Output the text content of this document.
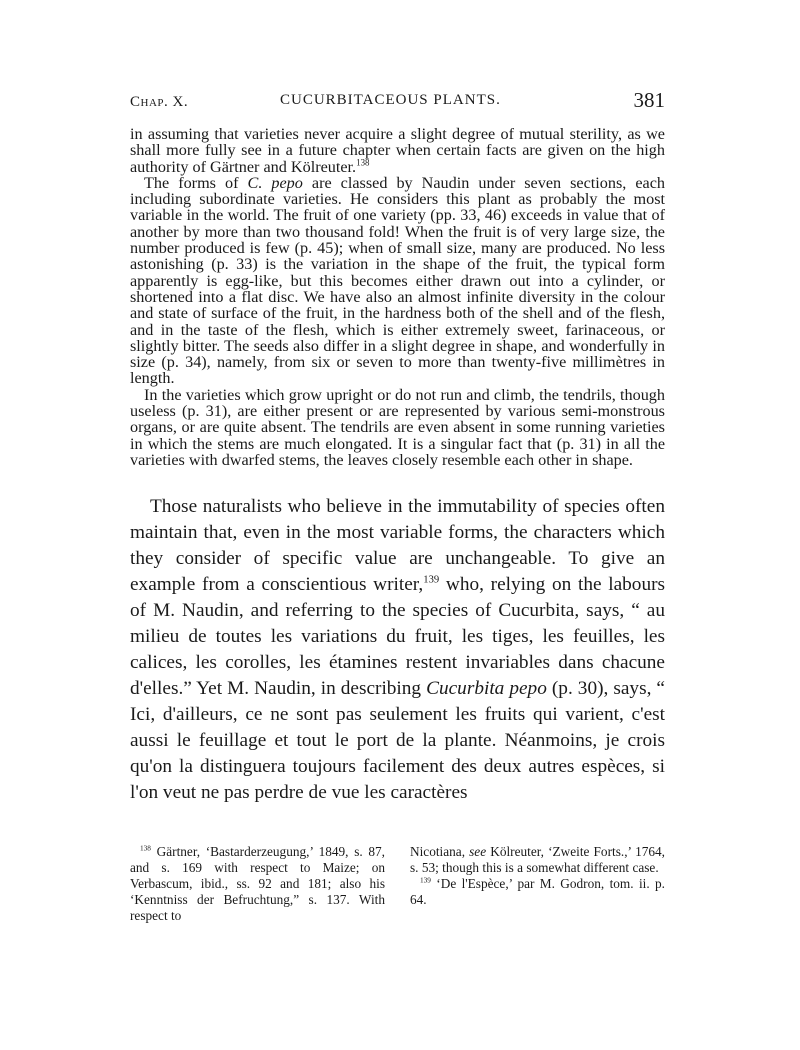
Chap. X.	CUCURBITACEOUS PLANTS.	381

in assuming that varieties never acquire a slight degree of mutual sterility, as we shall more fully see in a future chapter when certain facts are given on the high authority of Gärtner and Kölreuter.$^{138}$

The forms of C. pepo are classed by Naudin under seven sections, each including subordinate varieties. He considers this plant as probably the most variable in the world. The fruit of one variety (pp. 33, 46) exceeds in value that of another by more than two thousand fold! When the fruit is of very large size, the number produced is few (p. 45); when of small size, many are produced. No less astonishing (p. 33) is the variation in the shape of the fruit, the typical form apparently is egg-like, but this becomes either drawn out into a cylinder, or shortened into a flat disc. We have also an almost infinite diversity in the colour and state of surface of the fruit, in the hardness both of the shell and of the flesh, and in the taste of the flesh, which is either extremely sweet, farinaceous, or slightly bitter. The seeds also differ in a slight degree in shape, and wonderfully in size (p. 34), namely, from six or seven to more than twenty-five millimètres in length.

In the varieties which grow upright or do not run and climb, the tendrils, though useless (p. 31), are either present or are represented by various semi-monstrous organs, or are quite absent. The tendrils are even absent in some running varieties in which the stems are much elongated. It is a singular fact that (p. 31) in all the varieties with dwarfed stems, the leaves closely resemble each other in shape.

Those naturalists who believe in the immutability of species often maintain that, even in the most variable forms, the characters which they consider of specific value are unchangeable. To give an example from a conscientious writer,$^{139}$ who, relying on the labours of M. Naudin, and referring to the species of Cucurbita, says, “ au milieu de toutes les variations du fruit, les tiges, les feuilles, les calices, les corolles, les étamines restent invariables dans chacune d'elles.” Yet M. Naudin, in describing Cucurbita pepo (p. 30), says, “ Ici, d'ailleurs, ce ne sont pas seulement les fruits qui varient, c'est aussi le feuillage et tout le port de la plante. Néanmoins, je crois qu'on la distinguera toujours facilement des deux autres espèces, si l'on veut ne pas perdre de vue les caractères

$^{138}$ Gärtner, ‘Bastarderzeugung,’ 1849, s. 87, and s. 169 with respect to Maize; on Verbascum, ibid., ss. 92 and 181; also his ‘Kenntniss der Befruchtung,” s. 137. With respect to

Nicotiana, see Kölreuter, ‘Zweite Forts.,’ 1764, s. 53; though this is a somewhat different case.

$^{139}$ ‘De l'Espèce,’ par M. Godron, tom. ii. p. 64.
